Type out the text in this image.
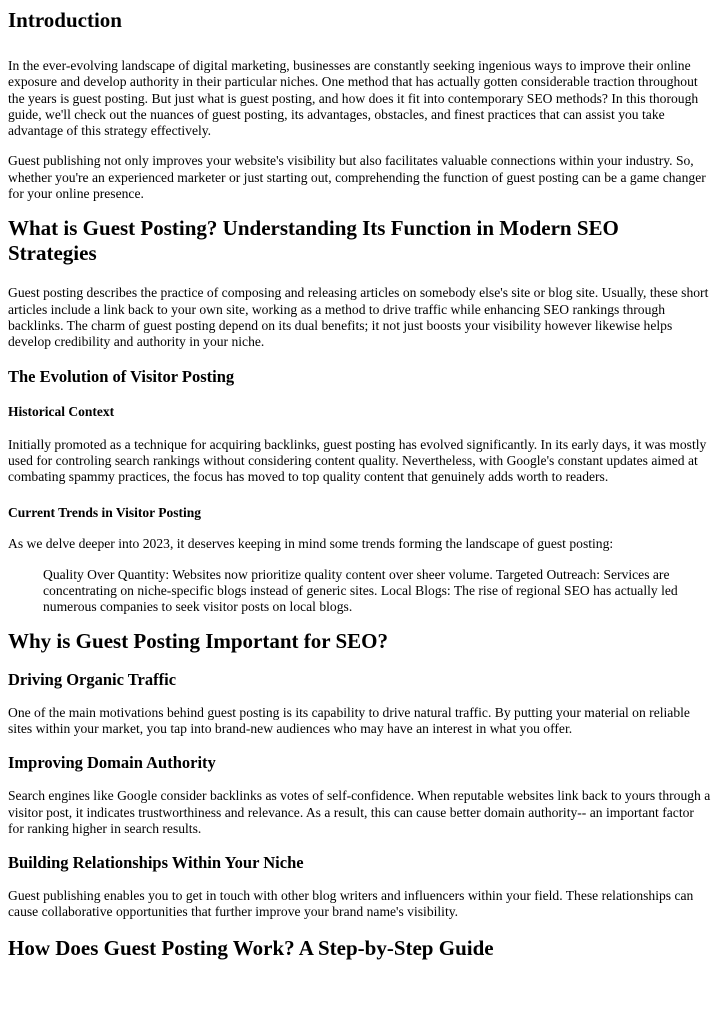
Introduction

In the ever-evolving landscape of digital marketing, businesses are constantly seeking ingenious ways to improve their online exposure and develop authority in their particular niches. One method that has actually gotten considerable traction throughout the years is guest posting. But just what is guest posting, and how does it fit into contemporary SEO methods? In this thorough guide, we'll check out the nuances of guest posting, its advantages, obstacles, and finest practices that can assist you take advantage of this strategy effectively.

Guest publishing not only improves your website's visibility but also facilitates valuable connections within your industry. So, whether you're an experienced marketer or just starting out, comprehending the function of guest posting can be a game changer for your online presence.

What is Guest Posting? Understanding Its Function in Modern SEO Strategies

Guest posting describes the practice of composing and releasing articles on somebody else's site or blog site. Usually, these short articles include a link back to your own site, working as a method to drive traffic while enhancing SEO rankings through backlinks. The charm of guest posting depend on its dual benefits; it not just boosts your visibility however likewise helps develop credibility and authority in your niche.

The Evolution of Visitor Posting
Historical Context

Initially promoted as a technique for acquiring backlinks, guest posting has evolved significantly. In its early days, it was mostly used for controling search rankings without considering content quality. Nevertheless, with Google's constant updates aimed at combating spammy practices, the focus has moved to top quality content that genuinely adds worth to readers.

Current Trends in Visitor Posting

As we delve deeper into 2023, it deserves keeping in mind some trends forming the landscape of guest posting:

Quality Over Quantity: Websites now prioritize quality content over sheer volume. Targeted Outreach: Services are concentrating on niche-specific blogs instead of generic sites. Local Blogs: The rise of regional SEO has actually led numerous companies to seek visitor posts on local blogs.
Why is Guest Posting Important for SEO?
Driving Organic Traffic

One of the main motivations behind guest posting is its capability to drive natural traffic. By putting your material on reliable sites within your market, you tap into brand-new audiences who may have an interest in what you offer.

Improving Domain Authority

Search engines like Google consider backlinks as votes of self-confidence. When reputable websites link back to yours through a visitor post, it indicates trustworthiness and relevance. As a result, this can cause better domain authority-- an important factor for ranking higher in search results.

Building Relationships Within Your Niche

Guest publishing enables you to get in touch with other blog writers and influencers within your field. These relationships can cause collaborative opportunities that further improve your brand name's visibility.

How Does Guest Posting Work? A Step-by-Step Guide
